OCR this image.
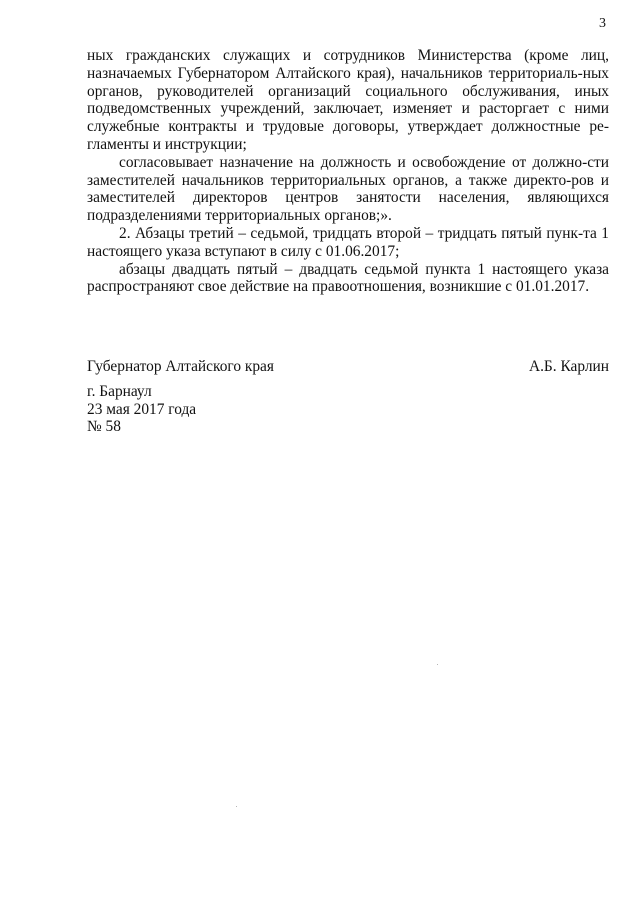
3

ных гражданских служащих и сотрудников Министерства (кроме лиц, назначаемых Губернатором Алтайского края), начальников территориаль-ных органов, руководителей организаций социального обслуживания, иных подведомственных учреждений, заключает, изменяет и расторгает с ними служебные контракты и трудовые договоры, утверждает должностные ре-гламенты и инструкции;

согласовывает назначение на должность и освобождение от должно-сти заместителей начальников территориальных органов, а также директо-ров и заместителей директоров центров занятости населения, являющихся подразделениями территориальных органов;».

2. Абзацы третий – седьмой, тридцать второй – тридцать пятый пунк-та 1 настоящего указа вступают в силу с 01.06.2017;

абзацы двадцать пятый – двадцать седьмой пункта 1 настоящего указа распространяют свое действие на правоотношения, возникшие с 01.01.2017.

Губернатор Алтайского края	А.Б. Карлин
г. Барнаул
23 мая 2017 года
№ 58
